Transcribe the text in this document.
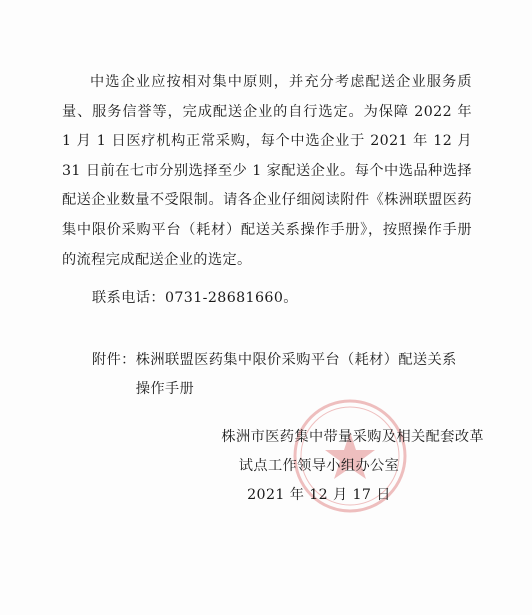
中选企业应按相对集中原则，并充分考虑配送企业服务质量、服务信誉等，完成配送企业的自行选定。为保障 2022 年 1 月 1 日医疗机构正常采购，每个中选企业于 2021 年 12 月 31 日前在七市分别选择至少 1 家配送企业。每个中选品种选择配送企业数量不受限制。请各企业仔细阅读附件《株洲联盟医药集中限价采购平台（耗材）配送关系操作手册》，按照操作手册的流程完成配送企业的选定。
联系电话：0731-28681660。
附件： 株洲联盟医药集中限价采购平台（耗材）配送关系操作手册
株洲市医药集中带量采购及相关配套改革
试点工作领导小组办公室
2021 年 12 月 17 日
